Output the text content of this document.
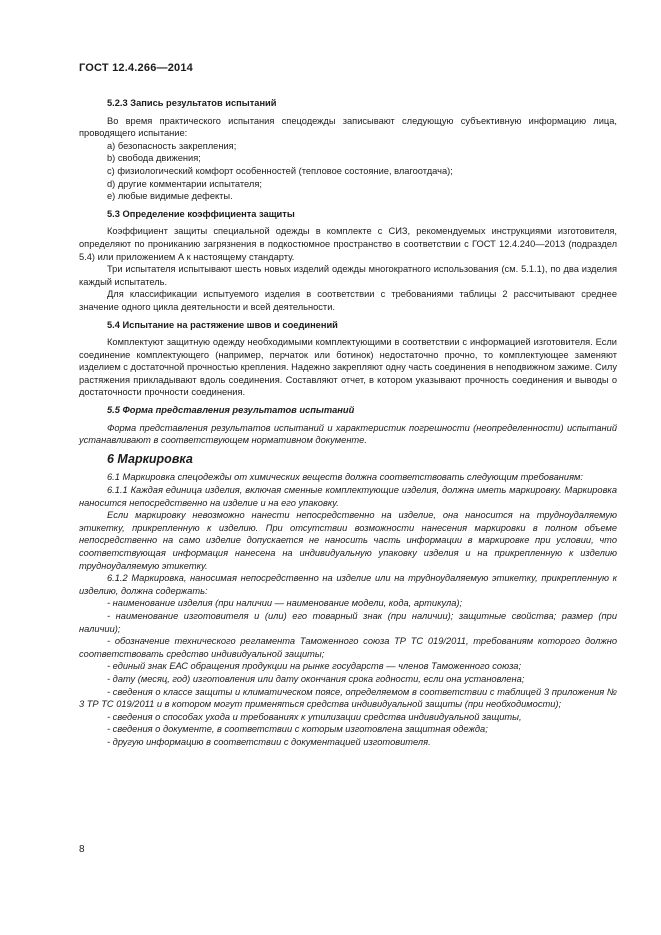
ГОСТ 12.4.266—2014
5.2.3 Запись результатов испытаний

Во время практического испытания спецодежды записывают следующую субъективную информацию лица, проводящего испытание:

a) безопасность закрепления;

b) свобода движения;

c) физиологический комфорт особенностей (тепловое состояние, влагоотдача);

d) другие комментарии испытателя;

e) любые видимые дефекты.

5.3 Определение коэффициента защиты

Коэффициент защиты специальной одежды в комплекте с СИЗ, рекомендуемых инструкциями изготовителя, определяют по прониканию загрязнения в подкостюмное пространство в соответствии с ГОСТ 12.4.240—2013 (подраздел 5.4) или приложением А к настоящему стандарту.

Три испытателя испытывают шесть новых изделий одежды многократного использования (см. 5.1.1), по два изделия каждый испытатель.

Для классификации испытуемого изделия в соответствии с требованиями таблицы 2 рассчитывают среднее значение одного цикла деятельности и всей деятельности.

5.4 Испытание на растяжение швов и соединений

Комплектуют защитную одежду необходимыми комплектующими в соответствии с информацией изготовителя. Если соединение комплектующего (например, перчаток или ботинок) недостаточно прочно, то комплектующее заменяют изделием с достаточной прочностью крепления. Надежно закрепляют одну часть соединения в неподвижном зажиме. Силу растяжения прикладывают вдоль соединения. Составляют отчет, в котором указывают прочность соединения и выводы о достаточности прочности соединения.

5.5 Форма представления результатов испытаний

Форма представления результатов испытаний и характеристик погрешности (неопределенности) испытаний устанавливают в соответствующем нормативном документе.

6 Маркировка

6.1 Маркировка спецодежды от химических веществ должна соответствовать следующим требованиям:

6.1.1 Каждая единица изделия, включая сменные комплектующие изделия, должна иметь маркировку. Маркировка наносится непосредственно на изделие и на его упаковку.

Если маркировку невозможно нанести непосредственно на изделие, она наносится на трудноудаляемую этикетку, прикрепленную к изделию. При отсутствии возможности нанесения маркировки в полном объеме непосредственно на само изделие допускается не наносить часть информации в маркировке при условии, что соответствующая информация нанесена на индивидуальную упаковку изделия и на прикрепленную к изделию трудноудаляемую этикетку.

6.1.2 Маркировка, наносимая непосредственно на изделие или на трудноудаляемую этикетку, прикрепленную к изделию, должна содержать:

- наименование изделия (при наличии — наименование модели, кода, артикула);

- наименование изготовителя и (или) его товарный знак (при наличии); защитные свойства; размер (при наличии);

- обозначение технического регламента Таможенного союза ТР ТС 019/2011, требованиям которого должно соответствовать средство индивидуальной защиты;

- единый знак ЕАС обращения продукции на рынке государств — членов Таможенного союза;

- дату (месяц, год) изготовления или дату окончания срока годности, если она установлена;

- сведения о классе защиты и климатическом поясе, определяемом в соответствии с таблицей 3 приложения № 3 ТР ТС 019/2011 и в котором могут применяться средства индивидуальной защиты (при необходимости);

- сведения о способах ухода и требованиях к утилизации средства индивидуальной защиты,

- сведения о документе, в соответствии с которым изготовлена защитная одежда;

- другую информацию в соответствии с документацией изготовителя.

8
